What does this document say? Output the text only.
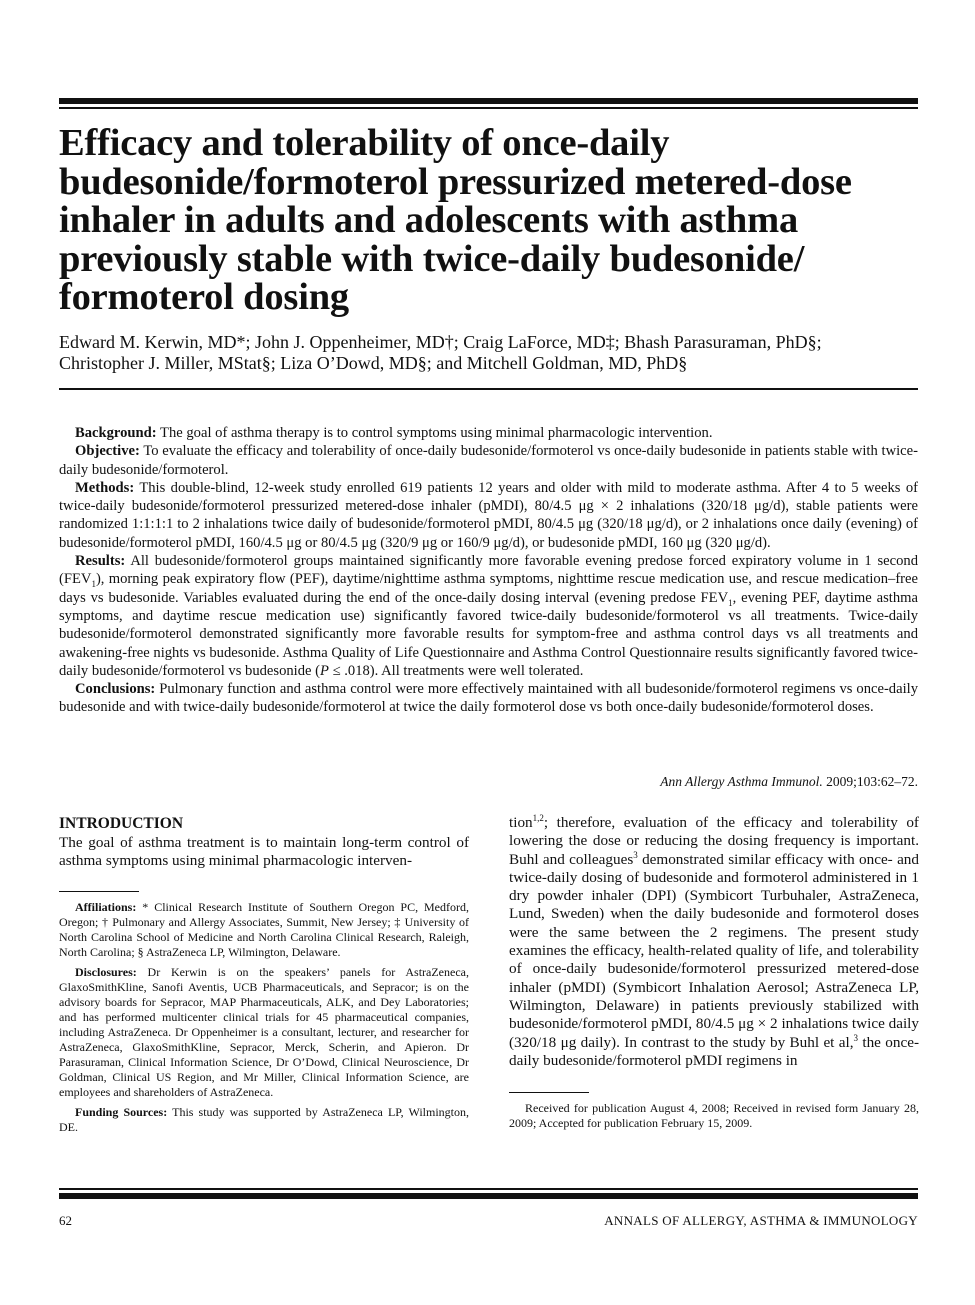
Efficacy and tolerability of once-daily
budesonide/formoterol pressurized metered-dose
inhaler in adults and adolescents with asthma
previously stable with twice-daily budesonide/
formoterol dosing
Edward M. Kerwin, MD*; John J. Oppenheimer, MD†; Craig LaForce, MD‡; Bhash Parasuraman, PhD§;
Christopher J. Miller, MStat§; Liza O’Dowd, MD§; and Mitchell Goldman, MD, PhD§

Background: The goal of asthma therapy is to control symptoms using minimal pharmacologic intervention.

Objective: To evaluate the efficacy and tolerability of once-daily budesonide/formoterol vs once-daily budesonide in patients stable with twice-daily budesonide/formoterol.

Methods: This double-blind, 12-week study enrolled 619 patients 12 years and older with mild to moderate asthma. After 4 to 5 weeks of twice-daily budesonide/formoterol pressurized metered-dose inhaler (pMDI), 80/4.5 μg × 2 inhalations (320/18 μg/d), stable patients were randomized 1:1:1:1 to 2 inhalations twice daily of budesonide/formoterol pMDI, 80/4.5 μg (320/18 μg/d), or 2 inhalations once daily (evening) of budesonide/formoterol pMDI, 160/4.5 μg or 80/4.5 μg (320/9 μg or 160/9 μg/d), or budesonide pMDI, 160 μg (320 μg/d).

Results: All budesonide/formoterol groups maintained significantly more favorable evening predose forced expiratory volume in 1 second $(FEV_1)$, morning peak expiratory flow (PEF), daytime/nighttime asthma symptoms, nighttime rescue medication use, and rescue medication–free days vs budesonide. Variables evaluated during the end of the once-daily dosing interval (evening predose $FEV_1$, evening PEF, daytime asthma symptoms, and daytime rescue medication use) significantly favored twice-daily budesonide/formoterol vs all treatments. Twice-daily budesonide/formoterol demonstrated significantly more favorable results for symptom-free and asthma control days vs all treatments and awakening-free nights vs budesonide. Asthma Quality of Life Questionnaire and Asthma Control Questionnaire results significantly favored twice-daily budesonide/formoterol vs budesonide (P ≤ .018). All treatments were well tolerated.

Conclusions: Pulmonary function and asthma control were more effectively maintained with all budesonide/formoterol regimens vs once-daily budesonide and with twice-daily budesonide/formoterol at twice the daily formoterol dose vs both once-daily budesonide/formoterol doses.

Ann Allergy Asthma Immunol. 2009;103:62–72.

INTRODUCTION

The goal of asthma treatment is to maintain long-term control of asthma symptoms using minimal pharmacologic interven-

Affiliations: * Clinical Research Institute of Southern Oregon PC, Medford, Oregon; † Pulmonary and Allergy Associates, Summit, New Jersey; ‡ University of North Carolina School of Medicine and North Carolina Clinical Research, Raleigh, North Carolina; § AstraZeneca LP, Wilmington, Delaware.

Disclosures: Dr Kerwin is on the speakers’ panels for AstraZeneca, GlaxoSmithKline, Sanofi Aventis, UCB Pharmaceuticals, and Sepracor; is on the advisory boards for Sepracor, MAP Pharmaceuticals, ALK, and Dey Laboratories; and has performed multicenter clinical trials for 45 pharmaceutical companies, including AstraZeneca. Dr Oppenheimer is a consultant, lecturer, and researcher for AstraZeneca, GlaxoSmithKline, Sepracor, Merck, Scherin, and Apieron. Dr Parasuraman, Clinical Information Science, Dr O’Dowd, Clinical Neuroscience, Dr Goldman, Clinical US Region, and Mr Miller, Clinical Information Science, are employees and shareholders of AstraZeneca.

Funding Sources: This study was supported by AstraZeneca LP, Wilmington, DE.

tion$^{1,2}$; therefore, evaluation of the efficacy and tolerability of lowering the dose or reducing the dosing frequency is important. Buhl and colleagues$^3$ demonstrated similar efficacy with once- and twice-daily dosing of budesonide and formoterol administered in 1 dry powder inhaler (DPI) (Symbicort Turbuhaler, AstraZeneca, Lund, Sweden) when the daily budesonide and formoterol doses were the same between the 2 regimens. The present study examines the efficacy, health-related quality of life, and tolerability of once-daily budesonide/formoterol pressurized metered-dose inhaler (pMDI) (Symbicort Inhalation Aerosol; AstraZeneca LP, Wilmington, Delaware) in patients previously stabilized with budesonide/formoterol pMDI, 80/4.5 μg × 2 inhalations twice daily (320/18 μg daily). In contrast to the study by Buhl et al,$^3$ the once-daily budesonide/formoterol pMDI regimens in

Received for publication August 4, 2008; Received in revised form January 28, 2009; Accepted for publication February 15, 2009.

62	ANNALS OF ALLERGY, ASTHMA & IMMUNOLOGY
